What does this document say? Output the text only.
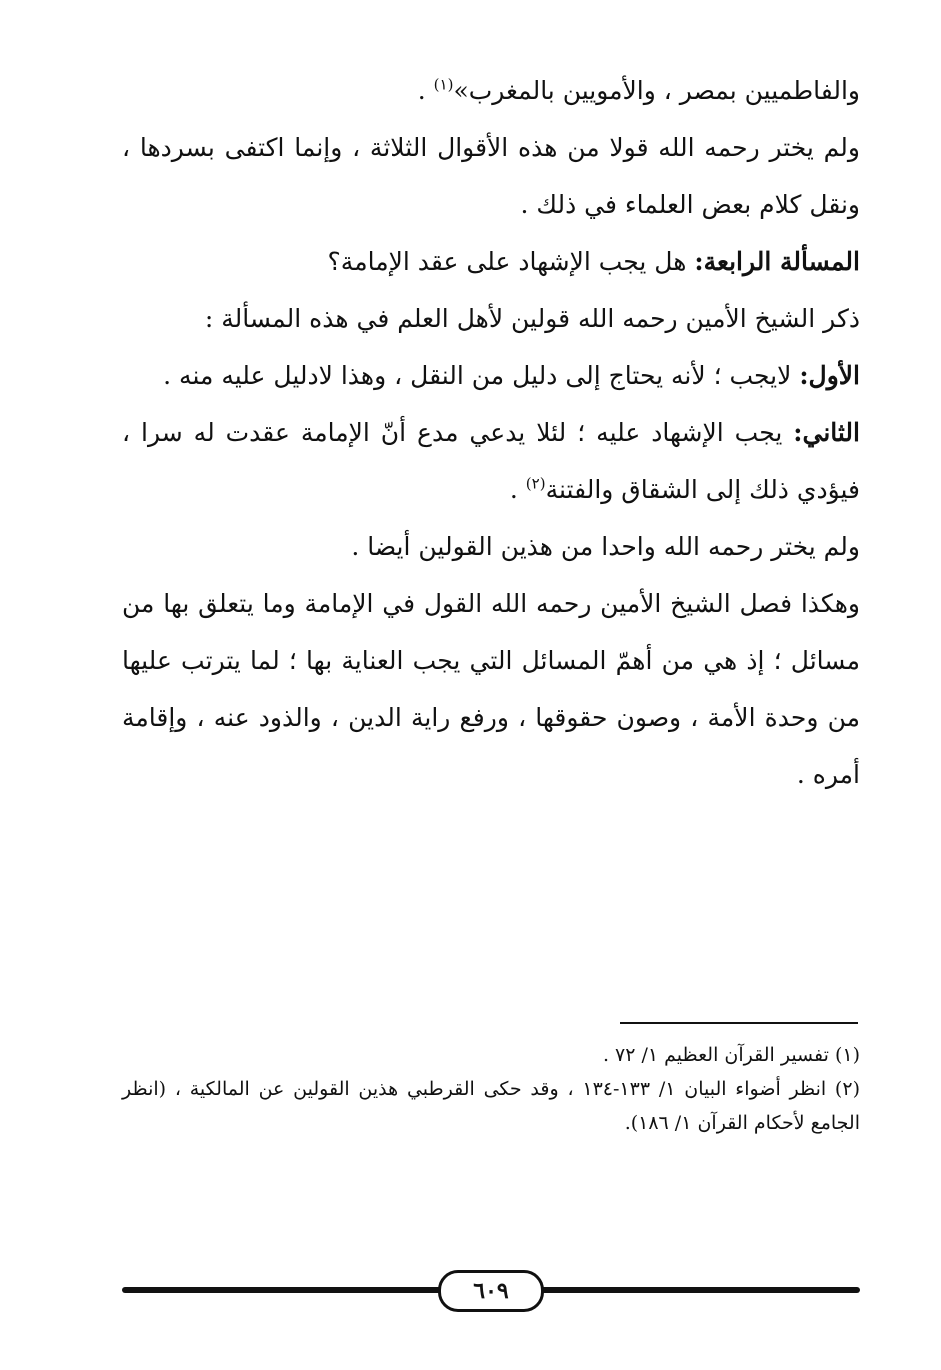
والفاطميين بمصر ، والأمويين بالمغرب»$^{(١)}$ .

ولم يختر رحمه الله قولا من هذه الأقوال الثلاثة ، وإنما اكتفى بسردها ، ونقل كلام بعض العلماء في ذلك .

المسألة الرابعة: هل يجب الإشهاد على عقد الإمامة؟

ذكر الشيخ الأمين رحمه الله قولين لأهل العلم في هذه المسألة :

الأول: لايجب ؛ لأنه يحتاج إلى دليل من النقل ، وهذا لادليل عليه منه .

الثاني: يجب الإشهاد عليه ؛ لئلا يدعي مدع أنّ الإمامة عقدت له سرا ، فيؤدي ذلك إلى الشقاق والفتنة$^{(٢)}$ .

ولم يختر رحمه الله واحدا من هذين القولين أيضا .

وهكذا فصل الشيخ الأمين رحمه الله القول في الإمامة وما يتعلق بها من مسائل ؛ إذ هي من أهمّ المسائل التي يجب العناية بها ؛ لما يترتب عليها من وحدة الأمة ، وصون حقوقها ، ورفع راية الدين ، والذود عنه ، وإقامة أمره .

(١) تفسير القرآن العظيم ١/ ٧٢ .

(٢) انظر أضواء البيان ١/ ١٣٣-١٣٤ ، وقد حكى القرطبي هذين القولين عن المالكية ، (انظر الجامع لأحكام القرآن ١/ ١٨٦).

٦٠٩
